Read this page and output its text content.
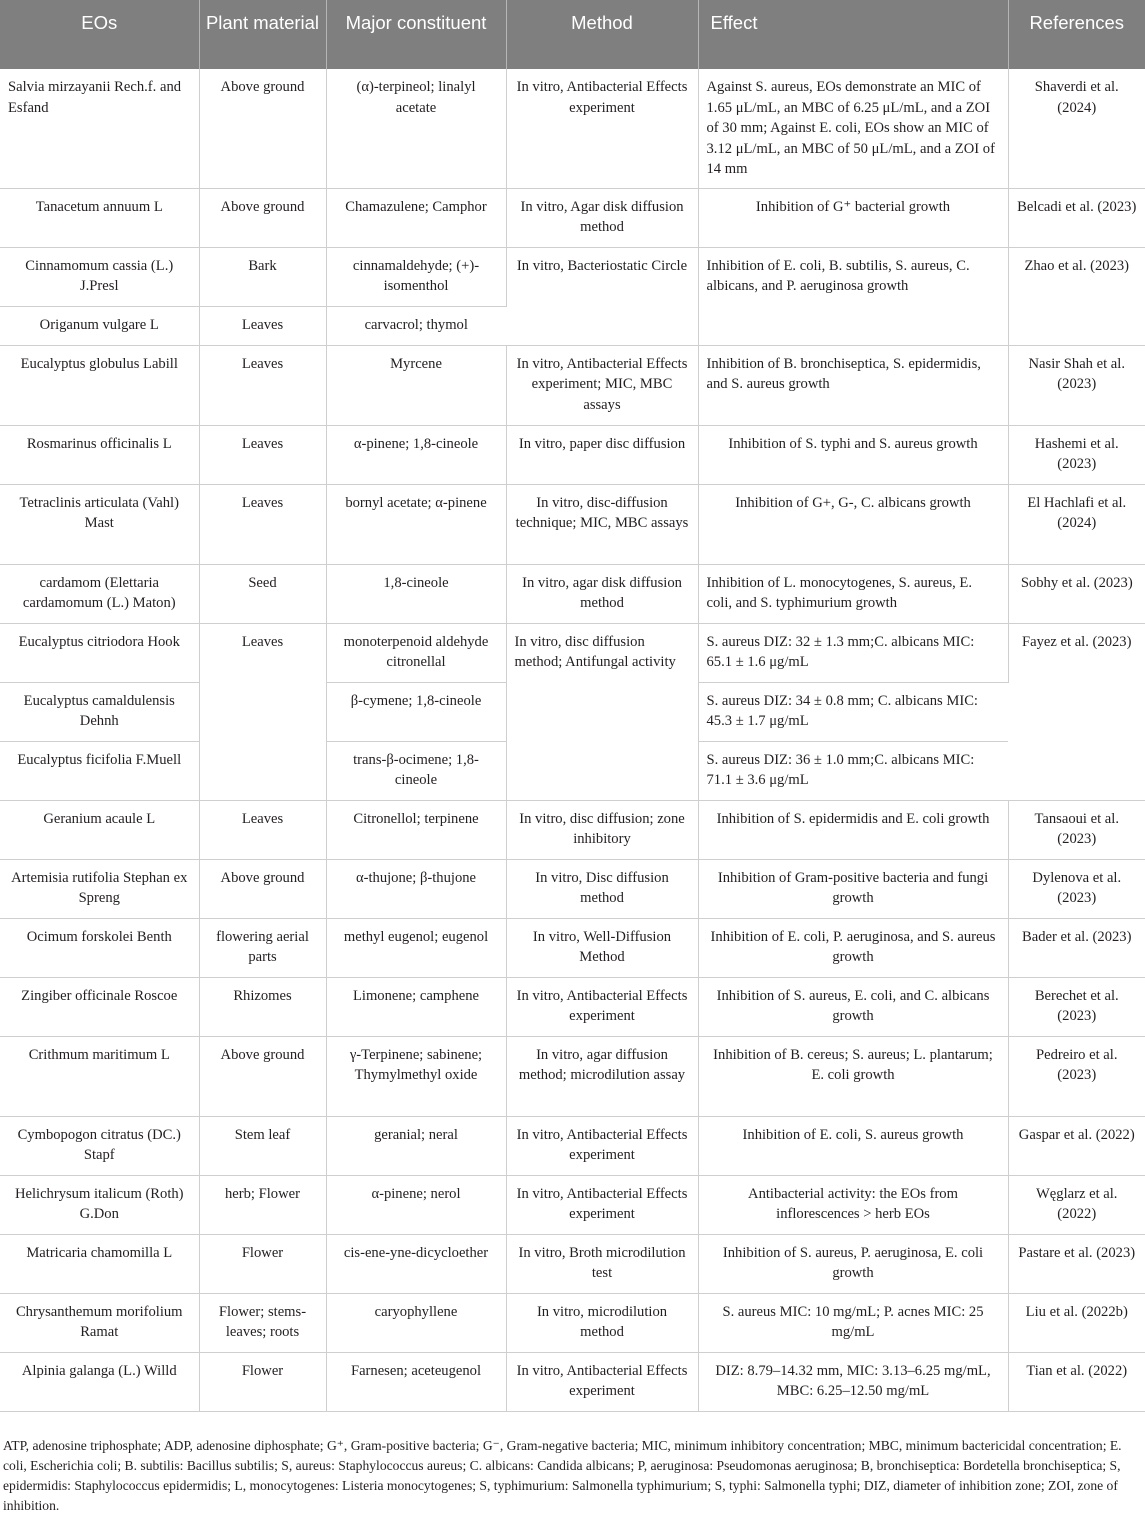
EOs	Plant material	Major constituent	Method	Effect	References
Salvia mirzayanii Rech.f. and Esfand	Above ground	(α)-terpineol; linalyl acetate	In vitro, Antibacterial Effects experiment	Against S. aureus, EOs demonstrate an MIC of 1.65 μL/mL, an MBC of 6.25 μL/mL, and a ZOI of 30 mm; Against E. coli, EOs show an MIC of 3.12 μL/mL, an MBC of 50 μL/mL, and a ZOI of 14 mm	Shaverdi et al. (2024)
Tanacetum annuum L	Above ground	Chamazulene; Camphor	In vitro, Agar disk diffusion method	Inhibition of G⁺ bacterial growth	Belcadi et al. (2023)
Cinnamomum cassia (L.) J.Presl	Bark	cinnamaldehyde; (+)-isomenthol	In vitro, Bacteriostatic Circle	Inhibition of E. coli, B. subtilis, S. aureus, C. albicans, and P. aeruginosa growth	Zhao et al. (2023)
Origanum vulgare L	Leaves	carvacrol; thymol			
Eucalyptus globulus Labill	Leaves	Myrcene	In vitro, Antibacterial Effects experiment; MIC, MBC assays	Inhibition of B. bronchiseptica, S. epidermidis, and S. aureus growth	Nasir Shah et al. (2023)
Rosmarinus officinalis L	Leaves	α-pinene; 1,8-cineole	In vitro, paper disc diffusion	Inhibition of S. typhi and S. aureus growth	Hashemi et al. (2023)
Tetraclinis articulata (Vahl) Mast	Leaves	bornyl acetate; α-pinene	In vitro, disc-diffusion technique; MIC, MBC assays	Inhibition of G+, G-, C. albicans growth	El Hachlafi et al. (2024)
cardamom (Elettaria cardamomum (L.) Maton)	Seed	1,8-cineole	In vitro, agar disk diffusion method	Inhibition of L. monocytogenes, S. aureus, E. coli, and S. typhimurium growth	Sobhy et al. (2023)
Eucalyptus citriodora Hook	Leaves	monoterpenoid aldehyde citronellal	In vitro, disc diffusion method; Antifungal activity	S. aureus DIZ: 32 ± 1.3 mm;C. albicans MIC: 65.1 ± 1.6 μg/mL	Fayez et al. (2023)
Eucalyptus camaldulensis Dehnh		β-cymene; 1,8-cineole		S. aureus DIZ: 34 ± 0.8 mm; C. albicans MIC: 45.3 ± 1.7 μg/mL	
Eucalyptus ficifolia F.Muell		trans-β-ocimene; 1,8-cineole		S. aureus DIZ: 36 ± 1.0 mm;C. albicans MIC: 71.1 ± 3.6 μg/mL	
Geranium acaule L	Leaves	Citronellol; terpinene	In vitro, disc diffusion; zone inhibitory	Inhibition of S. epidermidis and E. coli growth	Tansaoui et al. (2023)
Artemisia rutifolia Stephan ex Spreng	Above ground	α-thujone; β-thujone	In vitro, Disc diffusion method	Inhibition of Gram-positive bacteria and fungi growth	Dylenova et al. (2023)
Ocimum forskolei Benth	flowering aerial parts	methyl eugenol; eugenol	In vitro, Well-Diffusion Method	Inhibition of E. coli, P. aeruginosa, and S. aureus growth	Bader et al. (2023)
Zingiber officinale Roscoe	Rhizomes	Limonene; camphene	In vitro, Antibacterial Effects experiment	Inhibition of S. aureus, E. coli, and C. albicans growth	Berechet et al. (2023)
Crithmum maritimum L	Above ground	γ-Terpinene; sabinene; Thymylmethyl oxide	In vitro, agar diffusion method; microdilution assay	Inhibition of B. cereus; S. aureus; L. plantarum; E. coli growth	Pedreiro et al. (2023)
Cymbopogon citratus (DC.) Stapf	Stem leaf	geranial; neral	In vitro, Antibacterial Effects experiment	Inhibition of E. coli, S. aureus growth	Gaspar et al. (2022)
Helichrysum italicum (Roth) G.Don	herb; Flower	α-pinene; nerol	In vitro, Antibacterial Effects experiment	Antibacterial activity: the EOs from inflorescences > herb EOs	Węglarz et al. (2022)
Matricaria chamomilla L	Flower	cis-ene-yne-dicycloether	In vitro, Broth microdilution test	Inhibition of S. aureus, P. aeruginosa, E. coli growth	Pastare et al. (2023)
Chrysanthemum morifolium Ramat	Flower; stems-leaves; roots	caryophyllene	In vitro, microdilution method	S. aureus MIC: 10 mg/mL; P. acnes MIC: 25 mg/mL	Liu et al. (2022b)
Alpinia galanga (L.) Willd	Flower	Farnesen; aceteugenol	In vitro, Antibacterial Effects experiment	DIZ: 8.79–14.32 mm, MIC: 3.13–6.25 mg/mL, MBC: 6.25–12.50 mg/mL	Tian et al. (2022)
ATP, adenosine triphosphate; ADP, adenosine diphosphate; G⁺, Gram-positive bacteria; G⁻, Gram-negative bacteria; MIC, minimum inhibitory concentration; MBC, minimum bactericidal concentration; E. coli, Escherichia coli; B. subtilis: Bacillus subtilis; S, aureus: Staphylococcus aureus; C. albicans: Candida albicans; P, aeruginosa: Pseudomonas aeruginosa; B, bronchiseptica: Bordetella bronchiseptica; S, epidermidis: Staphylococcus epidermidis; L, monocytogenes: Listeria monocytogenes; S, typhimurium: Salmonella typhimurium; S, typhi: Salmonella typhi; DIZ, diameter of inhibition zone; ZOI, zone of inhibition.
